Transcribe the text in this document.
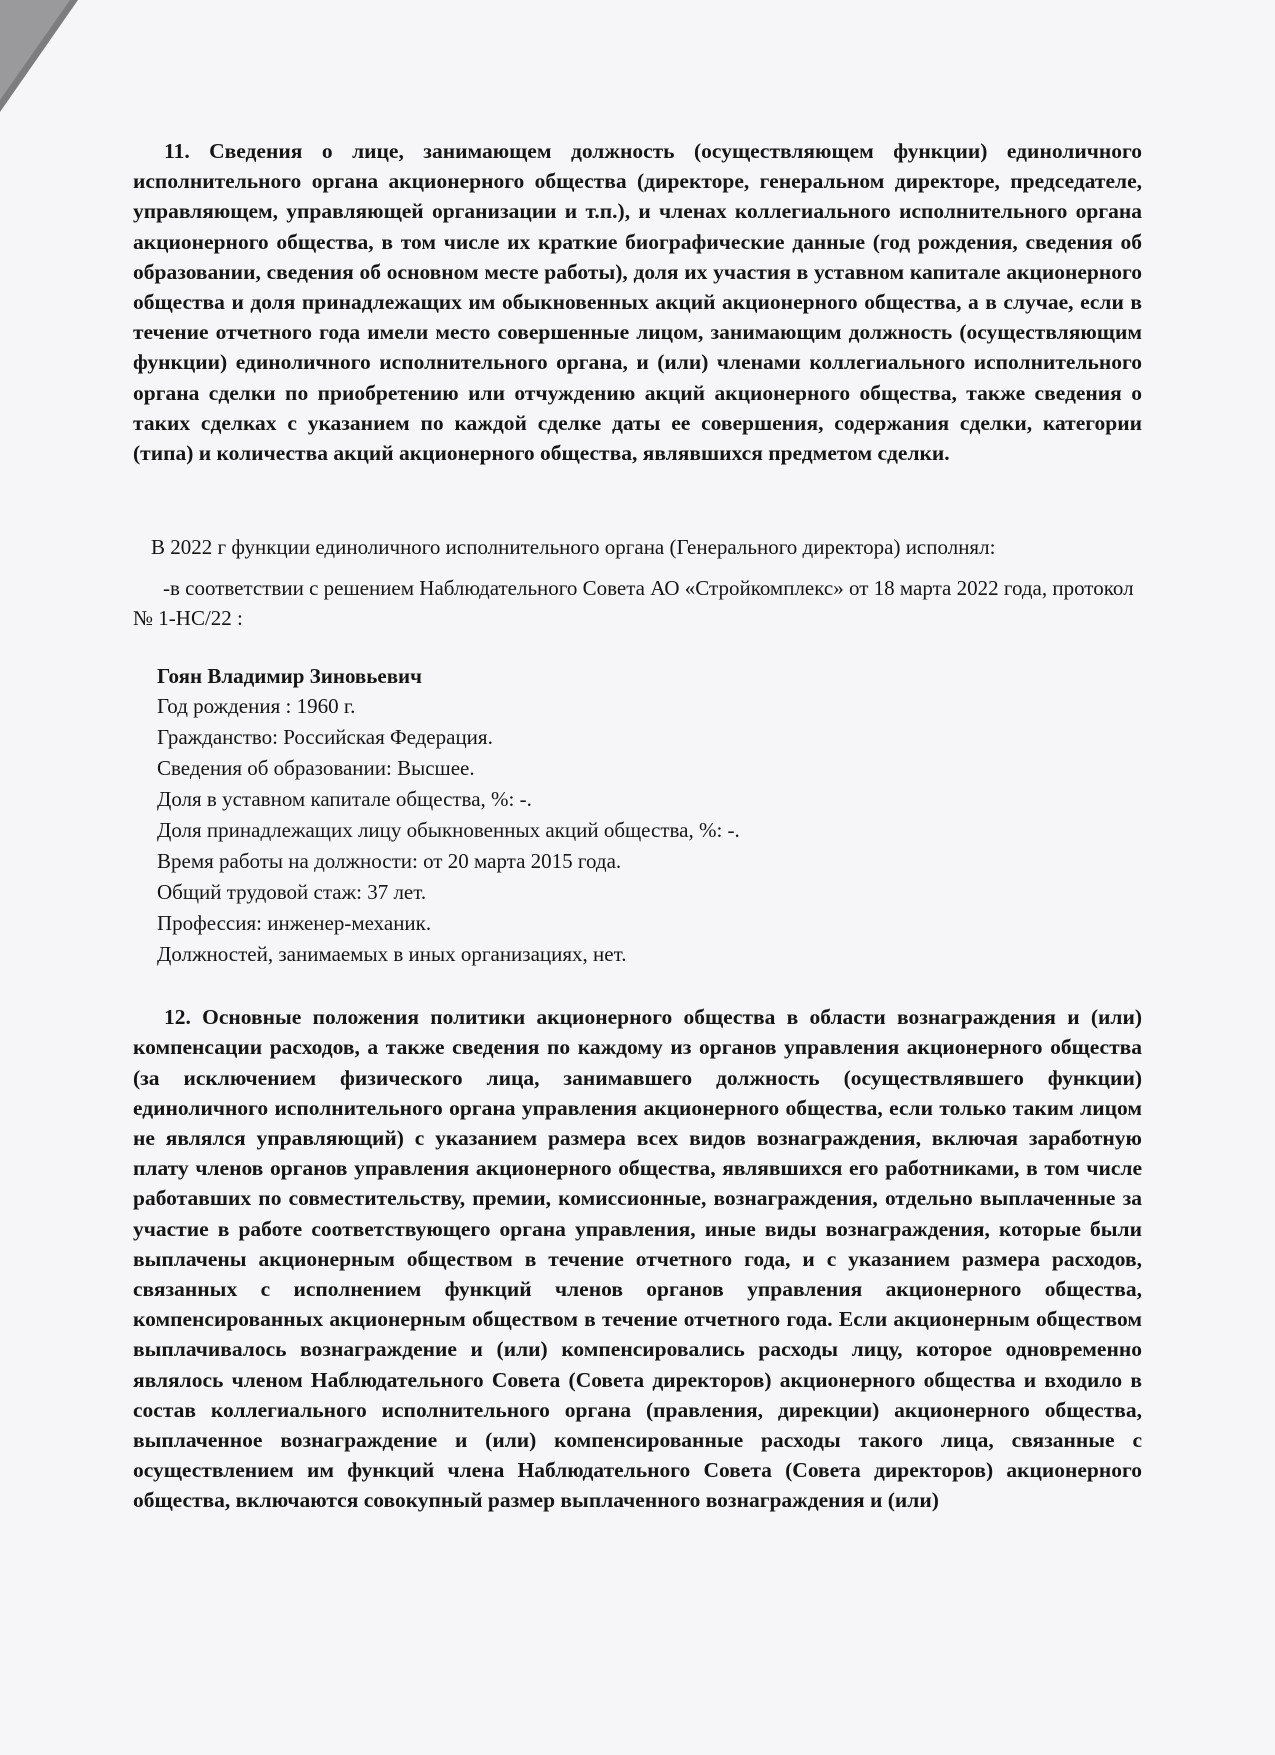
11. Сведения о лице, занимающем должность (осуществляющем функции) единоличного исполнительного органа акционерного общества (директоре, генеральном директоре, председателе, управляющем, управляющей организации и т.п.), и членах коллегиального исполнительного органа акционерного общества, в том числе их краткие биографические данные (год рождения, сведения об образовании, сведения об основном месте работы), доля их участия в уставном капитале акционерного общества и доля принадлежащих им обыкновенных акций акционерного общества, а в случае, если в течение отчетного года имели место совершенные лицом, занимающим должность (осуществляющим функции) единоличного исполнительного органа, и (или) членами коллегиального исполнительного органа сделки по приобретению или отчуждению акций акционерного общества, также сведения о таких сделках с указанием по каждой сделке даты ее совершения, содержания сделки, категории (типа) и количества акций акционерного общества, являвшихся предметом сделки.

В 2022 г функции единоличного исполнительного органа (Генерального директора) исполнял:

-в соответствии с решением Наблюдательного Совета АО «Стройкомплекс» от 18 марта 2022 года, протокол № 1-НС/22 :

Гоян Владимир Зиновьевич

Год рождения : 1960 г.

Гражданство: Российская Федерация.

Сведения об образовании: Высшее.

Доля в уставном капитале общества, %: -.

Доля принадлежащих лицу обыкновенных акций общества, %: -.

Время работы на должности: от 20 марта 2015 года.

Общий трудовой стаж: 37 лет.

Профессия: инженер-механик.

Должностей, занимаемых в иных организациях, нет.

12. Основные положения политики акционерного общества в области вознаграждения и (или) компенсации расходов, а также сведения по каждому из органов управления акционерного общества (за исключением физического лица, занимавшего должность (осуществлявшего функции) единоличного исполнительного органа управления акционерного общества, если только таким лицом не являлся управляющий) с указанием размера всех видов вознаграждения, включая заработную плату членов органов управления акционерного общества, являвшихся его работниками, в том числе работавших по совместительству, премии, комиссионные, вознаграждения, отдельно выплаченные за участие в работе соответствующего органа управления, иные виды вознаграждения, которые были выплачены акционерным обществом в течение отчетного года, и с указанием размера расходов, связанных с исполнением функций членов органов управления акционерного общества, компенсированных акционерным обществом в течение отчетного года. Если акционерным обществом выплачивалось вознаграждение и (или) компенсировались расходы лицу, которое одновременно являлось членом Наблюдательного Совета (Совета директоров) акционерного общества и входило в состав коллегиального исполнительного органа (правления, дирекции) акционерного общества, выплаченное вознаграждение и (или) компенсированные расходы такого лица, связанные с осуществлением им функций члена Наблюдательного Совета (Совета директоров) акционерного общества, включаются совокупный размер выплаченного вознаграждения и (или)
